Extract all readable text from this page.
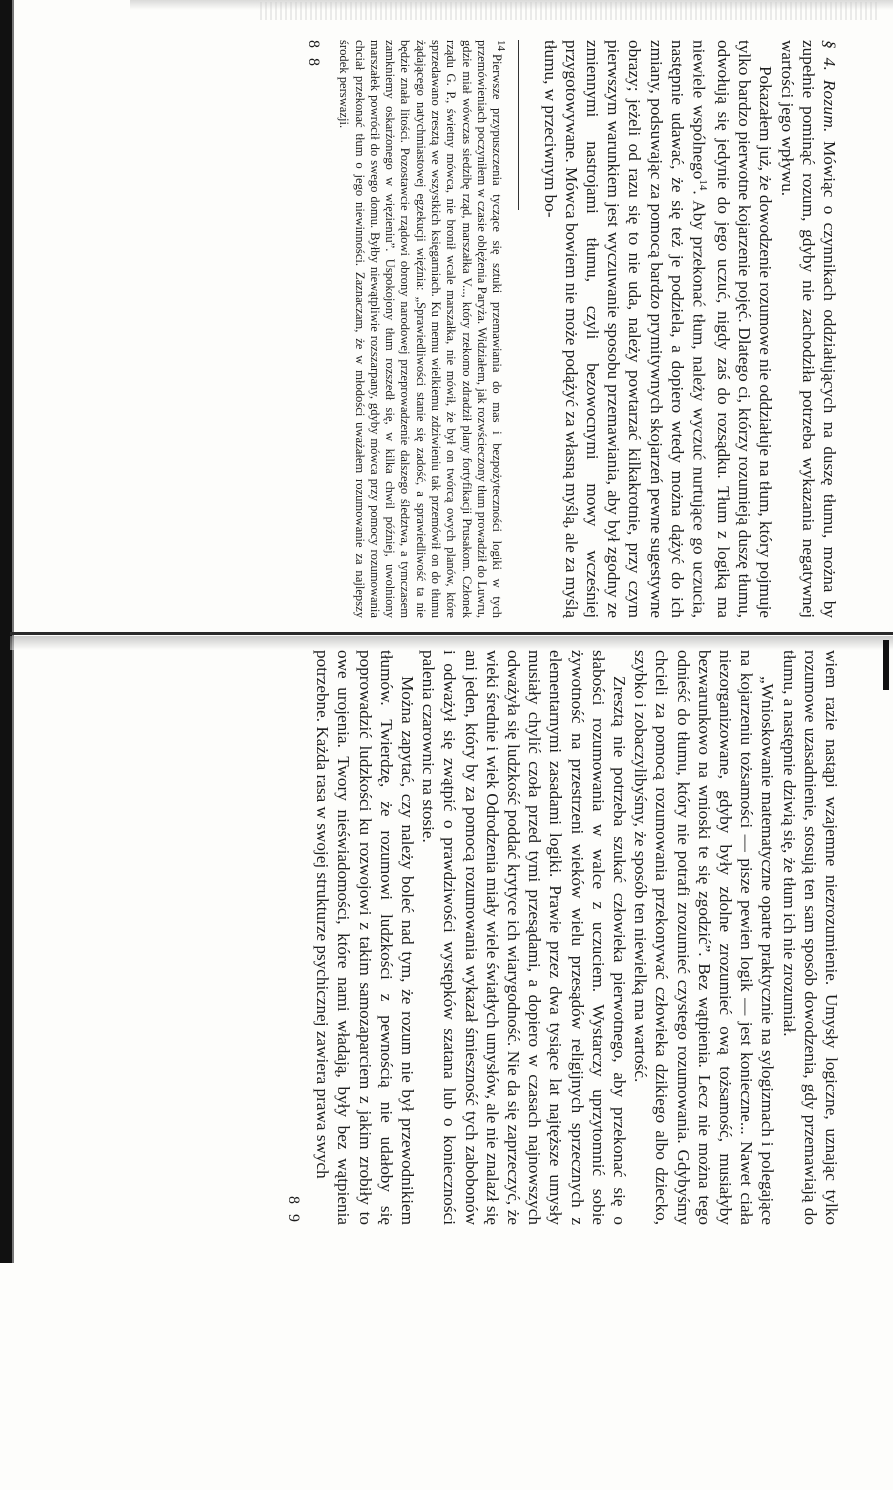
§ 4. Rozum. Mówiąc o czynnikach oddziałujących na duszę tłumu, można by zupełnie pominąć rozum, gdyby nie zachodziła potrzeba wykazania negatywnej wartości jego wpływu.

Pokazałem już, że dowodzenie rozumowe nie oddziałuje na tłum, który pojmuje tylko bardzo pierwotne kojarzenie pojęć. Dlatego ci, którzy rozumieją duszę tłumu, odwołują się jedynie do jego uczuć, nigdy zaś do rozsądku. Tłum z logiką ma niewiele wspólnego$^{14}$. Aby przekonać tłum, należy wyczuć nurtujące go uczucia, następnie udawać, że się też je podziela, a dopiero wtedy można dążyć do ich zmiany, podsuwając za pomocą bardzo prymitywnych skojarzeń pewne sugestywne obrazy; jeżeli od razu się to nie uda, należy powtarzać kilkakrotnie, przy czym pierwszym warunkiem jest wyczuwanie sposobu przemawiania, aby był zgodny ze zmiennymi nastrojami tłumu, czyli bezowocnymi mowy wcześniej przygotowywane. Mówca bowiem nie może podążyć za własną myślą, ale za myślą tłumu, w przeciwnym bo-

14Pierwsze przypuszczenia tyczące się sztuki przemawiania do mas i bezpożyteczności logiki w tych przemówieniach poczyniłem w czasie oblężenia Paryża. Widziałem, jak rozwścieczony tłum prowadził do Luwru, gdzie miał wówczas siedzibę rząd, marszałka V..., który rzekomo zdradził plany fortyfikacji Prusakom. Członek rządu G. P., świetny mówca, nie bronił wcale marszałka, nie mówił, że był on twórcą owych planów, które sprzedawano zresztą we wszystkich księgarniach. Ku memu wielkiemu zdziwieniu tak przemówił on do tłumu żądającego natychmiastowej egzekucji więźnia: „Sprawiedliwości stanie się zadość, a sprawiedliwość ta nie będzie znała litości. Pozostawcie rządowi obrony narodowej przeprowadzenie dalszego śledztwa, a tymczasem zamkniemy oskarżonego w więzieniu”. Uspokojony tłum rozszedł się, w kilka chwil później, uwolniony marszałek powrócił do swego domu. Byłby niewątpliwie rozszarpany, gdyby mówca przy pomocy rozumowania chciał przekonać tłum o jego niewinności. Zaznaczam, że w młodości uważałem rozumowanie za najlepszy środek perswazji.

8 8

wiem razie nastąpi wzajemne niezrozumienie. Umysły logiczne, uznając tylko rozumowe uzasadnienie, stosują ten sam sposób dowodzenia, gdy przemawiają do tłumu, a następnie dziwią się, że tłum ich nie zrozumiał.

„Wnioskowanie matematyczne oparte praktycznie na sylogizmach i polegające na kojarzeniu tożsamości — pisze pewien logik — jest konieczne... Nawet ciała niezorganizowane, gdyby były zdolne zrozumieć ową tożsamość, musiałyby bezwarunkowo na wnioski te się zgodzić”. Bez wątpienia. Lecz nie można tego odnieść do tłumu, który nie potrafi zrozumieć czystego rozumowania. Gdybyśmy chcieli za pomocą rozumowania przekonywać człowieka dzikiego albo dziecko, szybko i zobaczylibyśmy, że sposób ten niewielką ma wartość.

Zresztą nie potrzeba szukać człowieka pierwotnego, aby przekonać się o słabości rozumowania w walce z uczuciem. Wystarczy uprzytomnić sobie żywotność na przestrzeni wieków wielu przesądów religijnych sprzecznych z elementarnymi zasadami logiki. Prawie przez dwa tysiące lat najtęższe umysły musiały chylić czoła przed tymi przesądami, a dopiero w czasach najnowszych odważyła się ludzkość poddać krytyce ich wiarygodność. Nie da się zaprzeczyć, że wieki średnie i wiek Odrodzenia miały wiele światłych umysłów, ale nie znalazł się ani jeden, który by za pomocą rozumowania wykazał śmieszność tych zabobonów i odważył się zwątpić o prawdziwości występków szatana lub o konieczności palenia czarownic na stosie.

Można zapytać, czy należy boleć nad tym, że rozum nie był przewodnikiem tłumów. Twierdzę, że rozumowi ludzkości z pewnością nie udałoby się poprowadzić ludzkości ku rozwojowi z takim samozaparciem z jakim zrobiły to owe urojenia. Twory nieświadomości, które nami władają, były bez wątpienia potrzebne. Każda rasa w swojej strukturze psychicznej zawiera prawa swych

8 9
